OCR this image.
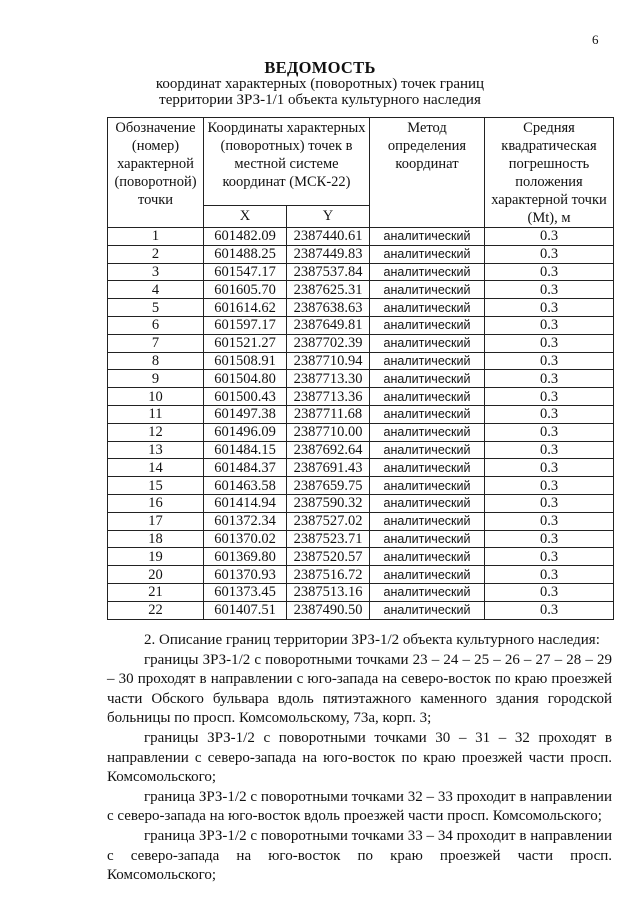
6
ВЕДОМОСТЬ
координат характерных (поворотных) точек границ
территории ЗРЗ-1/1 объекта культурного наследия
Обозначение (номер) характерной (поворотной) точки	Координаты характерных (поворотных) точек в местной системе координат (МСК-22)		Метод определения координат	Средняя квадратическая погрешность положения характерной точки (Mt), м
	X	Y		
1	601482.09	2387440.61	аналитический	0.3
2	601488.25	2387449.83	аналитический	0.3
3	601547.17	2387537.84	аналитический	0.3
4	601605.70	2387625.31	аналитический	0.3
5	601614.62	2387638.63	аналитический	0.3
6	601597.17	2387649.81	аналитический	0.3
7	601521.27	2387702.39	аналитический	0.3
8	601508.91	2387710.94	аналитический	0.3
9	601504.80	2387713.30	аналитический	0.3
10	601500.43	2387713.36	аналитический	0.3
11	601497.38	2387711.68	аналитический	0.3
12	601496.09	2387710.00	аналитический	0.3
13	601484.15	2387692.64	аналитический	0.3
14	601484.37	2387691.43	аналитический	0.3
15	601463.58	2387659.75	аналитический	0.3
16	601414.94	2387590.32	аналитический	0.3
17	601372.34	2387527.02	аналитический	0.3
18	601370.02	2387523.71	аналитический	0.3
19	601369.80	2387520.57	аналитический	0.3
20	601370.93	2387516.72	аналитический	0.3
21	601373.45	2387513.16	аналитический	0.3
22	601407.51	2387490.50	аналитический	0.3

2. Описание границ территории ЗРЗ-1/2 объекта культурного наследия:

границы ЗРЗ-1/2 с поворотными точками 23 – 24 – 25 – 26 – 27 – 28 – 29 – 30 проходят в направлении с юго-запада на северо-восток по краю проезжей части Обского бульвара вдоль пятиэтажного каменного здания городской больницы по просп. Комсомольскому, 73а, корп. 3;

границы ЗРЗ-1/2 с поворотными точками 30 – 31 – 32 проходят в направлении с северо-запада на юго-восток по краю проезжей части просп. Комсомольского;

граница ЗРЗ-1/2 с поворотными точками 32 – 33 проходит в направлении с северо-запада на юго-восток вдоль проезжей части просп. Комсомольского;

граница ЗРЗ-1/2 с поворотными точками 33 – 34 проходит в направлении с северо-запада на юго-восток по краю проезжей части просп. Комсомольского;
